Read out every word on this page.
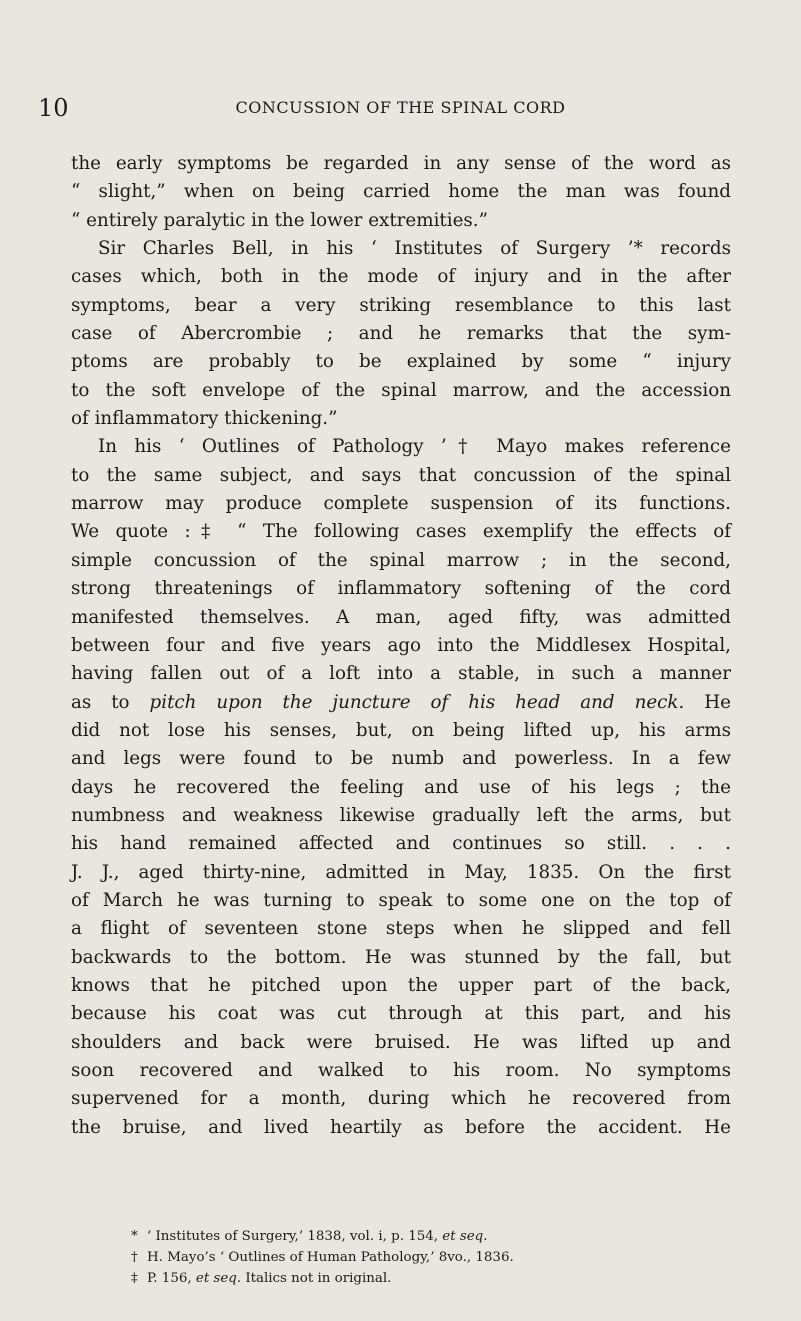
10	CONCUSSION OF THE SPINAL CORD
the early symptoms be regarded in any sense of the word as
“ slight,” when on being carried home the man was found
“ entirely paralytic in the lower extremities.”
Sir Charles Bell, in his ‘ Institutes of Surgery ’* records
cases which, both in the mode of injury and in the after
symptoms, bear a very striking resemblance to this last
case of Abercrombie ; and he remarks that the sym-
ptoms are probably to be explained by some “ injury
to the soft envelope of the spinal marrow, and the accession
of inflammatory thickening.”
In his ‘ Outlines of Pathology ’† Mayo makes reference
to the same subject, and says that concussion of the spinal
marrow may produce complete suspension of its functions.
We quote :‡ “ The following cases exemplify the effects of
simple concussion of the spinal marrow ; in the second,
strong threatenings of inflammatory softening of the cord
manifested themselves. A man, aged fifty, was admitted
between four and five years ago into the Middlesex Hospital,
having fallen out of a loft into a stable, in such a manner
as to pitch upon the juncture of his head and neck. He
did not lose his senses, but, on being lifted up, his arms
and legs were found to be numb and powerless. In a few
days he recovered the feeling and use of his legs ; the
numbness and weakness likewise gradually left the arms, but
his hand remained affected and continues so still. . . .
J. J., aged thirty-nine, admitted in May, 1835. On the first
of March he was turning to speak to some one on the top of
a flight of seventeen stone steps when he slipped and fell
backwards to the bottom. He was stunned by the fall, but
knows that he pitched upon the upper part of the back,
because his coat was cut through at this part, and his
shoulders and back were bruised. He was lifted up and
soon recovered and walked to his room. No symptoms
supervened for a month, during which he recovered from
the bruise, and lived heartily as before the accident. He
* ‘ Institutes of Surgery,’ 1838, vol. i, p. 154, et seq.
† H. Mayo’s ‘ Outlines of Human Pathology,’ 8vo., 1836.
‡ P. 156, et seq. Italics not in original.
